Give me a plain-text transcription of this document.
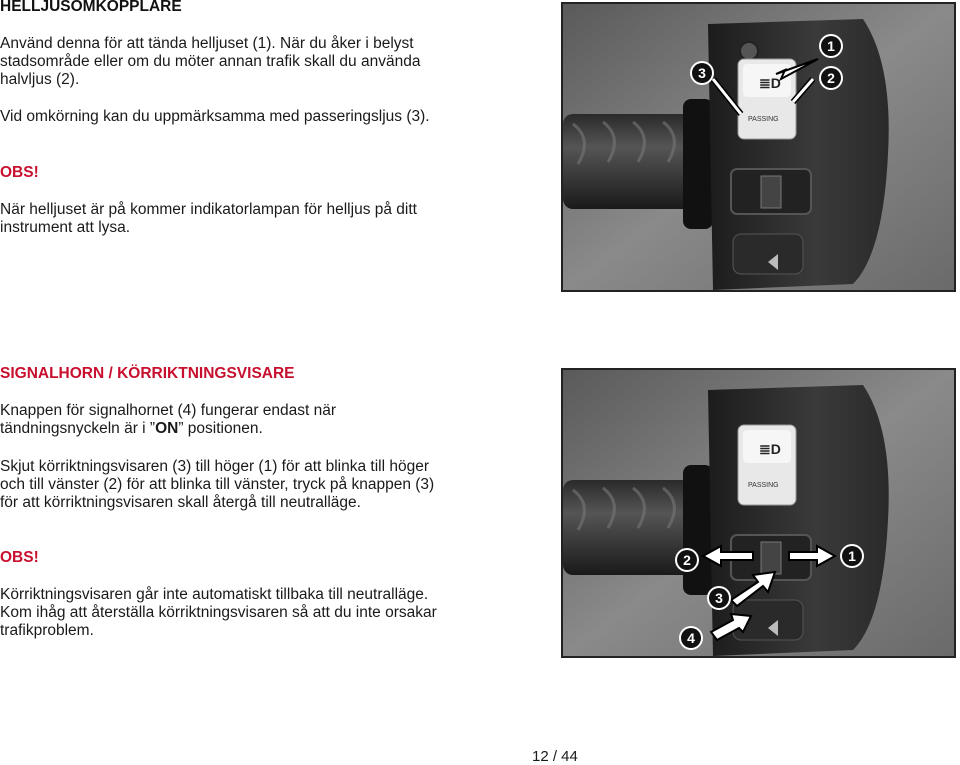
HELLJUSOMKOPPLARE
Använd denna för att tända helljuset (1). När du åker i belyst
stadsområde eller om du möter annan trafik skall du använda
halvljus (2).
Vid omkörning kan du uppmärksamma med passeringsljus (3).
OBS!
När helljuset är på kommer indikatorlampan för helljus på ditt
instrument att lysa.
SIGNALHORN / KÖRRIKTNINGSVISARE
Knappen för signalhornet (4) fungerar endast när
tändningsnyckeln är i ”ON” positionen.
Skjut körriktningsvisaren (3) till höger (1) för att blinka till höger
och till vänster (2) för att blinka till vänster, tryck på knappen (3)
för att körriktningsvisaren skall återgå till neutralläge.
OBS!
Körriktningsvisaren går inte automatiskt tillbaka till neutralläge.
Kom ihåg att återställa körriktningsvisaren så att du inte orsakar
trafikproblem.
≣D
PASSING
1
2
3
≣D
PASSING
1
2
3
4
12 / 44
